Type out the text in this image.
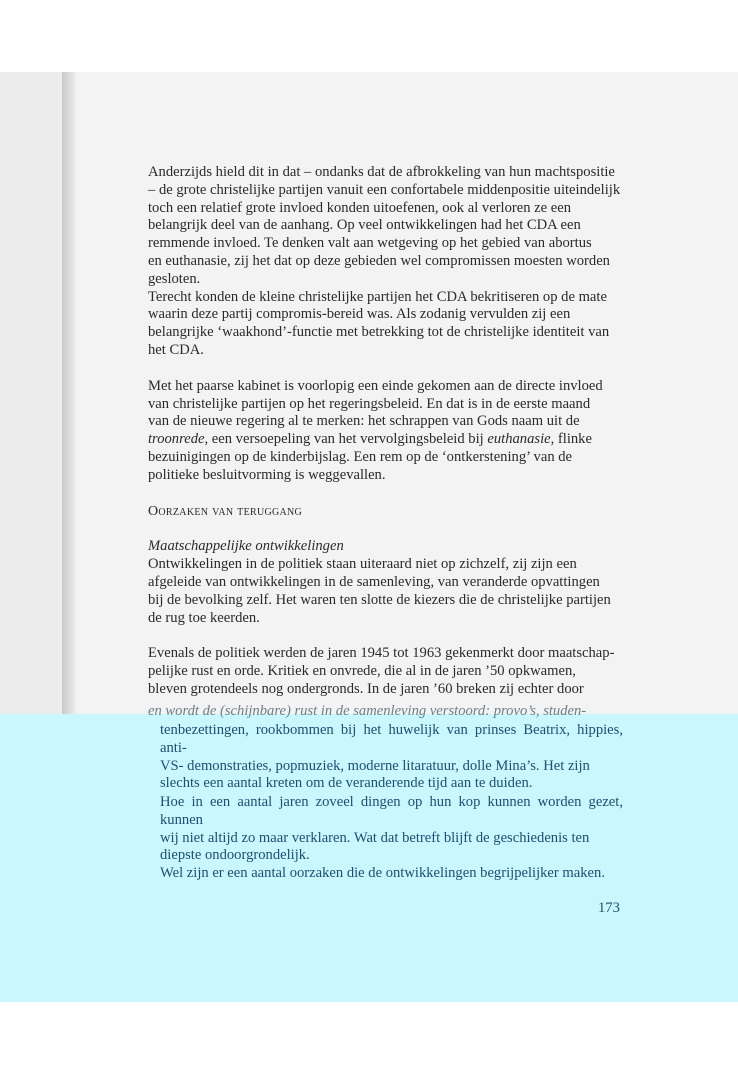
Anderzijds hield dit in dat – ondanks dat de afbrokkeling van hun machtspositie
– de grote christelijke partijen vanuit een confortabele middenpositie uiteindelijk
toch een relatief grote invloed konden uitoefenen, ook al verloren ze een
belangrijk deel van de aanhang. Op veel ontwikkelingen had het CDA een
remmende invloed. Te denken valt aan wetgeving op het gebied van abortus
en euthanasie, zij het dat op deze gebieden wel compromissen moesten worden
gesloten.

Terecht konden de kleine christelijke partijen het CDA bekritiseren op de mate
waarin deze partij compromis-bereid was. Als zodanig vervulden zij een
belangrijke ‘waakhond’-functie met betrekking tot de christelijke identiteit van
het CDA.

Met het paarse kabinet is voorlopig een einde gekomen aan de directe invloed
van christelijke partijen op het regeringsbeleid. En dat is in de eerste maand
van de nieuwe regering al te merken: het schrappen van Gods naam uit de
troonrede, een versoepeling van het vervolgingsbeleid bij euthanasie, flinke
bezuinigingen op de kinderbijslag. Een rem op de ‘ontkerstening’ van de
politieke besluitvorming is weggevallen.

Oorzaken van teruggang

Maatschappelijke ontwikkelingen

Ontwikkelingen in de politiek staan uiteraard niet op zichzelf, zij zijn een
afgeleide van ontwikkelingen in de samenleving, van veranderde opvattingen
bij de bevolking zelf. Het waren ten slotte de kiezers die de christelijke partijen
de rug toe keerden.

Evenals de politiek werden de jaren 1945 tot 1963 gekenmerkt door maatschap-
pelijke rust en orde. Kritiek en onvrede, die al in de jaren ’50 opkwamen,
bleven grotendeels nog ondergronds. In de jaren ’60 breken zij echter door

en wordt de (schijnbare) rust in de samenleving verstoord: provo’s, studen-

tenbezettingen, rookbommen bij het huwelijk van prinses Beatrix, hippies, anti-
VS- demonstraties, popmuziek, moderne litaratuur, dolle Mina’s. Het zijn
slechts een aantal kreten om de veranderende tijd aan te duiden.

Hoe in een aantal jaren zoveel dingen op hun kop kunnen worden gezet, kunnen
wij niet altijd zo maar verklaren. Wat dat betreft blijft de geschiedenis ten
diepste ondoorgrondelijk.
Wel zijn er een aantal oorzaken die de ontwikkelingen begrijpelijker maken.

173
